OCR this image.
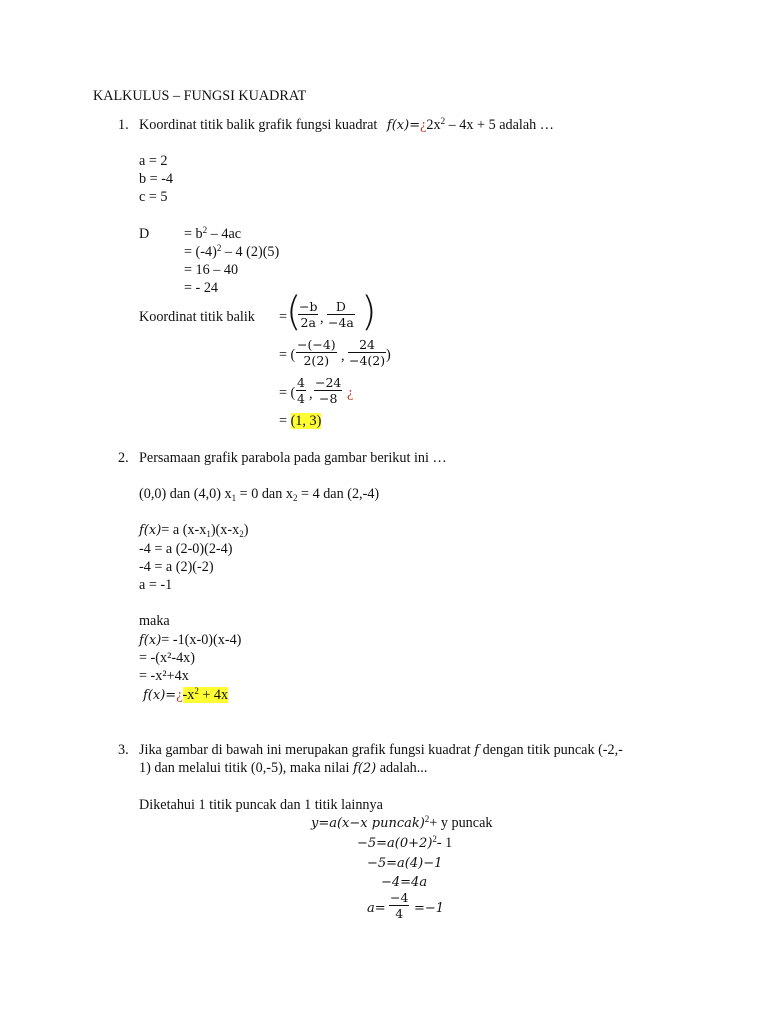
KALKULUS – FUNGSI KUADRAT
1. Koordinat titik balik grafik fungsi kuadrat $f(x)=¿2x^2 - 4x + 5$ adalah …
a = 2
b = -4
c = 5
$D = b^2 - 4ac$
= $(-4)^2 - 4$ (2)(5)
= 16 – 40
= - 24
Koordinat titik balik =
(
$\frac{-b}{2a}$ , $\frac{D}{-4a}$ )
= ( $\frac{-(-4)}{2(2)}$ , $\frac{24}{-4(2)}$ )
= ( $\frac{4}{4}$ , $\frac{-24}{-8}$ ¿
= (1, 3)
2. Persamaan grafik parabola pada gambar berikut ini …
(0,0) dan (4,0) $x_1 = 0$ dan $x_2 = 4$ dan (2,-4)
f(x)= a $(x-x_1)(x-x_2)$
-4 = a (2-0)(2-4)
-4 = a (2)(-2)
a = -1
maka
f(x)= -1(x-0)(x-4)
= -(x²-4x)
= -x²+4x
$f(x)=¿-x^2 + 4x$
3. Jika gambar di bawah ini merupakan grafik fungsi kuadrat f dengan titik puncak (-2,-
1) dan melalui titik (0,-5), maka nilai f(2) adalah...
Diketahui 1 titik puncak dan 1 titik lainnya
y=a(x−x puncak)$^2$+ y puncak
$-5=a(0+2)^2-$ 1
−5=a(4)−1
−4=4a
$a= \frac{-4}{4} =-1$
